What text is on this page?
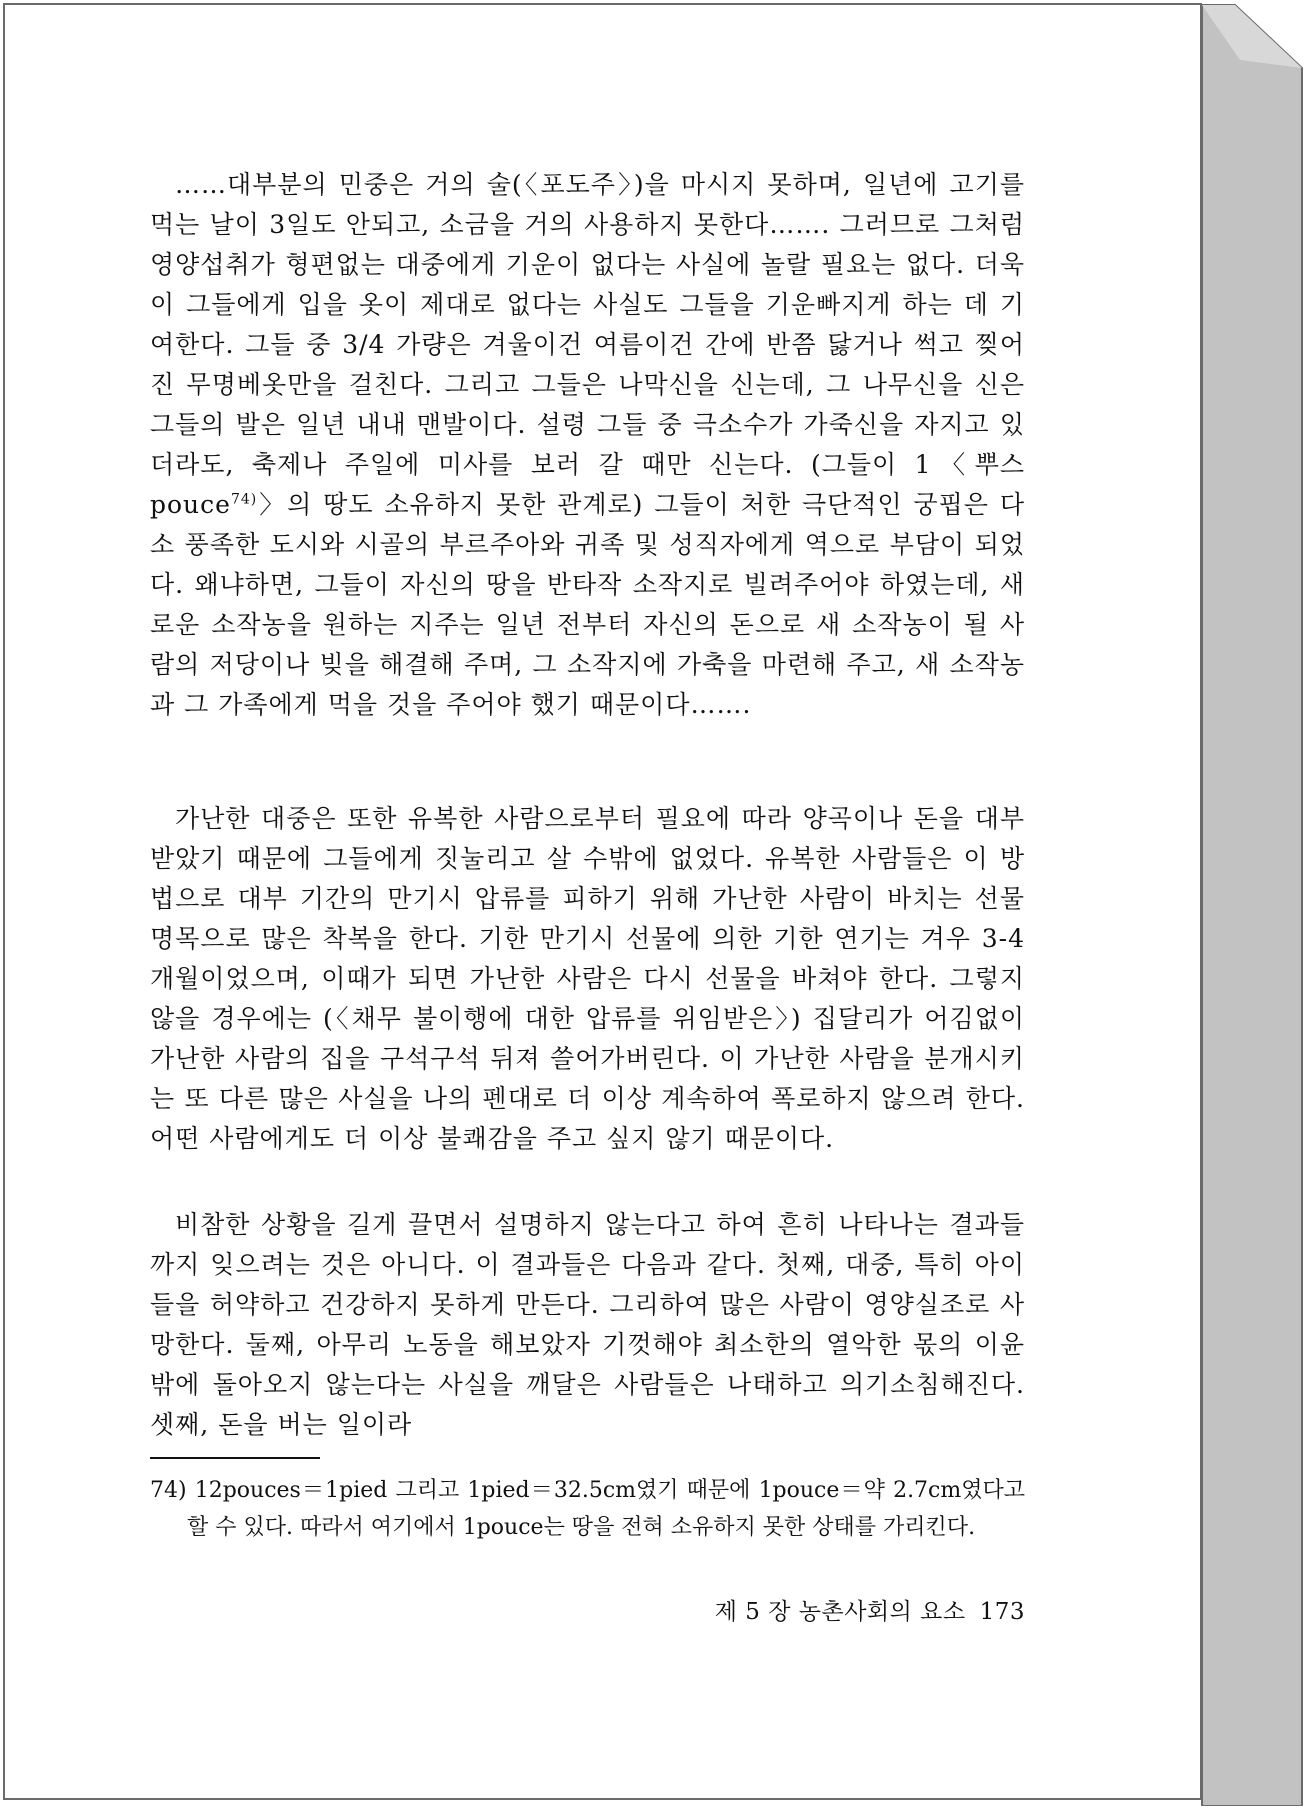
……대부분의 민중은 거의 술(〈포도주〉)을 마시지 못하며, 일년에 고기를 먹는 날이 3일도 안되고, 소금을 거의 사용하지 못한다……. 그러므로 그처럼 영양섭취가 형편없는 대중에게 기운이 없다는 사실에 놀랄 필요는 없다. 더욱이 그들에게 입을 옷이 제대로 없다는 사실도 그들을 기운빠지게 하는 데 기여한다. 그들 중 3/4 가량은 겨울이건 여름이건 간에 반쯤 닳거나 썩고 찢어진 무명베옷만을 걸친다. 그리고 그들은 나막신을 신는데, 그 나무신을 신은 그들의 발은 일년 내내 맨발이다. 설령 그들 중 극소수가 가죽신을 자지고 있더라도, 축제나 주일에 미사를 보러 갈 때만 신는다. (그들이 1〈뿌스 pouce$^{74)}$〉의 땅도 소유하지 못한 관계로) 그들이 처한 극단적인 궁핍은 다소 풍족한 도시와 시골의 부르주아와 귀족 및 성직자에게 역으로 부담이 되었다. 왜냐하면, 그들이 자신의 땅을 반타작 소작지로 빌려주어야 하였는데, 새로운 소작농을 원하는 지주는 일년 전부터 자신의 돈으로 새 소작농이 될 사람의 저당이나 빚을 해결해 주며, 그 소작지에 가축을 마련해 주고, 새 소작농과 그 가족에게 먹을 것을 주어야 했기 때문이다…….

가난한 대중은 또한 유복한 사람으로부터 필요에 따라 양곡이나 돈을 대부받았기 때문에 그들에게 짓눌리고 살 수밖에 없었다. 유복한 사람들은 이 방법으로 대부 기간의 만기시 압류를 피하기 위해 가난한 사람이 바치는 선물 명목으로 많은 착복을 한다. 기한 만기시 선물에 의한 기한 연기는 겨우 3-4개월이었으며, 이때가 되면 가난한 사람은 다시 선물을 바쳐야 한다. 그렇지 않을 경우에는 (〈채무 불이행에 대한 압류를 위임받은〉) 집달리가 어김없이 가난한 사람의 집을 구석구석 뒤져 쓸어가버린다. 이 가난한 사람을 분개시키는 또 다른 많은 사실을 나의 펜대로 더 이상 계속하여 폭로하지 않으려 한다. 어떤 사람에게도 더 이상 불쾌감을 주고 싶지 않기 때문이다.

비참한 상황을 길게 끌면서 설명하지 않는다고 하여 흔히 나타나는 결과들까지 잊으려는 것은 아니다. 이 결과들은 다음과 같다. 첫째, 대중, 특히 아이들을 허약하고 건강하지 못하게 만든다. 그리하여 많은 사람이 영양실조로 사망한다. 둘째, 아무리 노동을 해보았자 기껏해야 최소한의 열악한 몫의 이윤밖에 돌아오지 않는다는 사실을 깨달은 사람들은 나태하고 의기소침해진다. 셋째, 돈을 버는 일이라

74) 12pouces＝1pied 그리고 1pied＝32.5cm였기 때문에 1pouce＝약 2.7cm였다고 할 수 있다. 따라서 여기에서 1pouce는 땅을 전혀 소유하지 못한 상태를 가리킨다.

제 5 장 농촌사회의 요소 173
